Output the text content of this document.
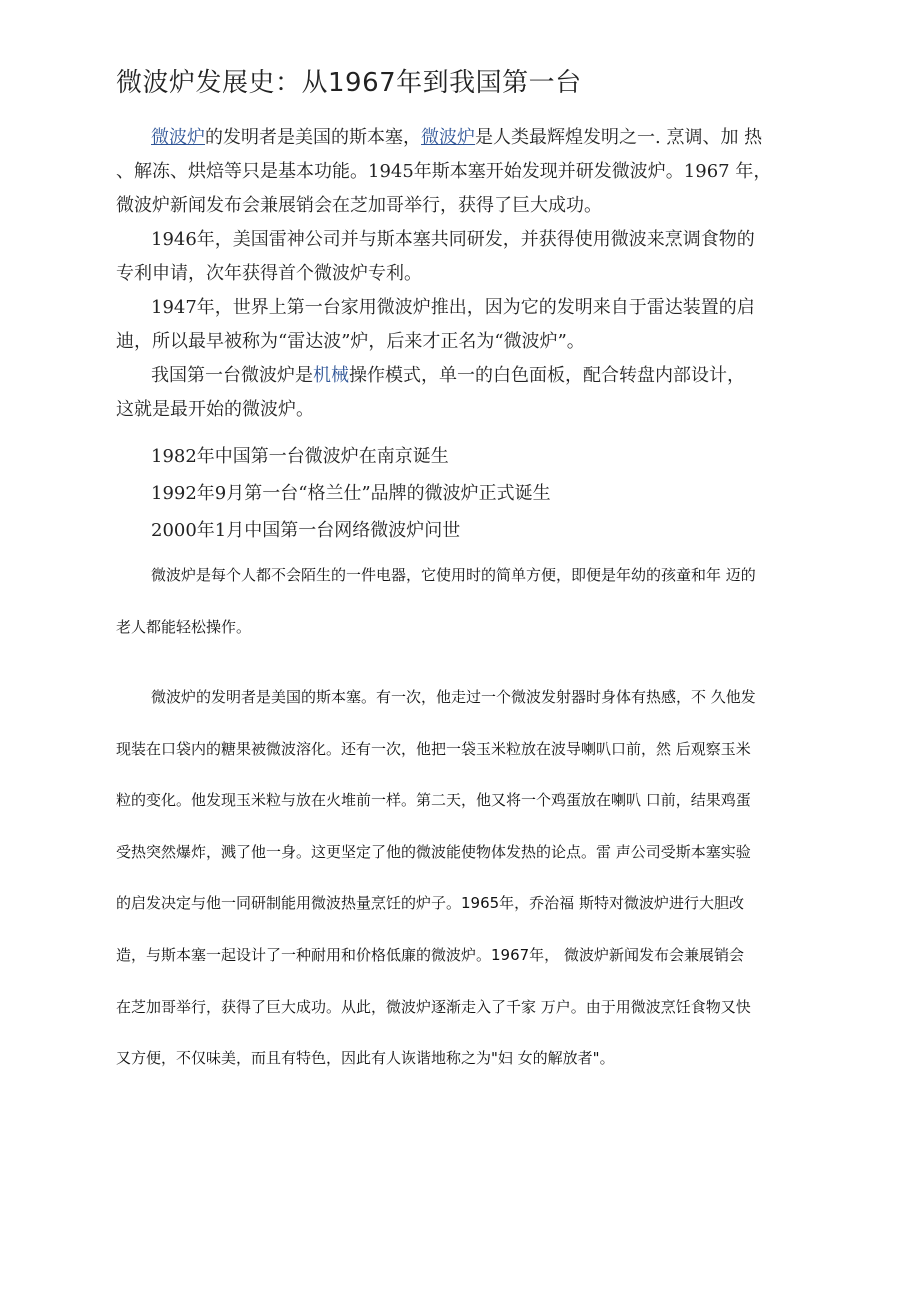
微波炉发展史：从1967年到我国第一台

微波炉的发明者是美国的斯本塞，微波炉是人类最辉煌发明之一. 烹调、加 热
、解冻、烘焙等只是基本功能。1945年斯本塞开始发现并研发微波炉。1967 年，
微波炉新闻发布会兼展销会在芝加哥举行，获得了巨大成功。

1946年，美国雷神公司并与斯本塞共同研发，并获得使用微波来烹调食物的
专利申请，次年获得首个微波炉专利。

1947年，世界上第一台家用微波炉推出，因为它的发明来自于雷达装置的启
迪，所以最早被称为“雷达波”炉，后来才正名为“微波炉”。

我国第一台微波炉是机械操作模式，单一的白色面板，配合转盘内部设计，
这就是最开始的微波炉。

1982年中国第一台微波炉在南京诞生
1992年9月第一台“格兰仕”品牌的微波炉正式诞生
2000年1月中国第一台网络微波炉问世
微波炉是每个人都不会陌生的一件电器，它使用时的简单方便，即便是年幼的孩童和年 迈的
老人都能轻松操作。
微波炉的发明者是美国的斯本塞。有一次，他走过一个微波发射器时身体有热感，不 久他发
现装在口袋内的糖果被微波溶化。还有一次，他把一袋玉米粒放在波导喇叭口前，然 后观察玉米
粒的变化。他发现玉米粒与放在火堆前一样。第二天，他又将一个鸡蛋放在喇叭 口前，结果鸡蛋
受热突然爆炸，溅了他一身。这更坚定了他的微波能使物体发热的论点。雷 声公司受斯本塞实验
的启发决定与他一同研制能用微波热量烹饪的炉子。1965年，乔治福 斯特对微波炉进行大胆改
造，与斯本塞一起设计了一种耐用和价格低廉的微波炉。1967年， 微波炉新闻发布会兼展销会
在芝加哥举行，获得了巨大成功。从此，微波炉逐渐走入了千家 万户。由于用微波烹饪食物又快
又方便，不仅味美，而且有特色，因此有人诙谐地称之为"妇 女的解放者"。
